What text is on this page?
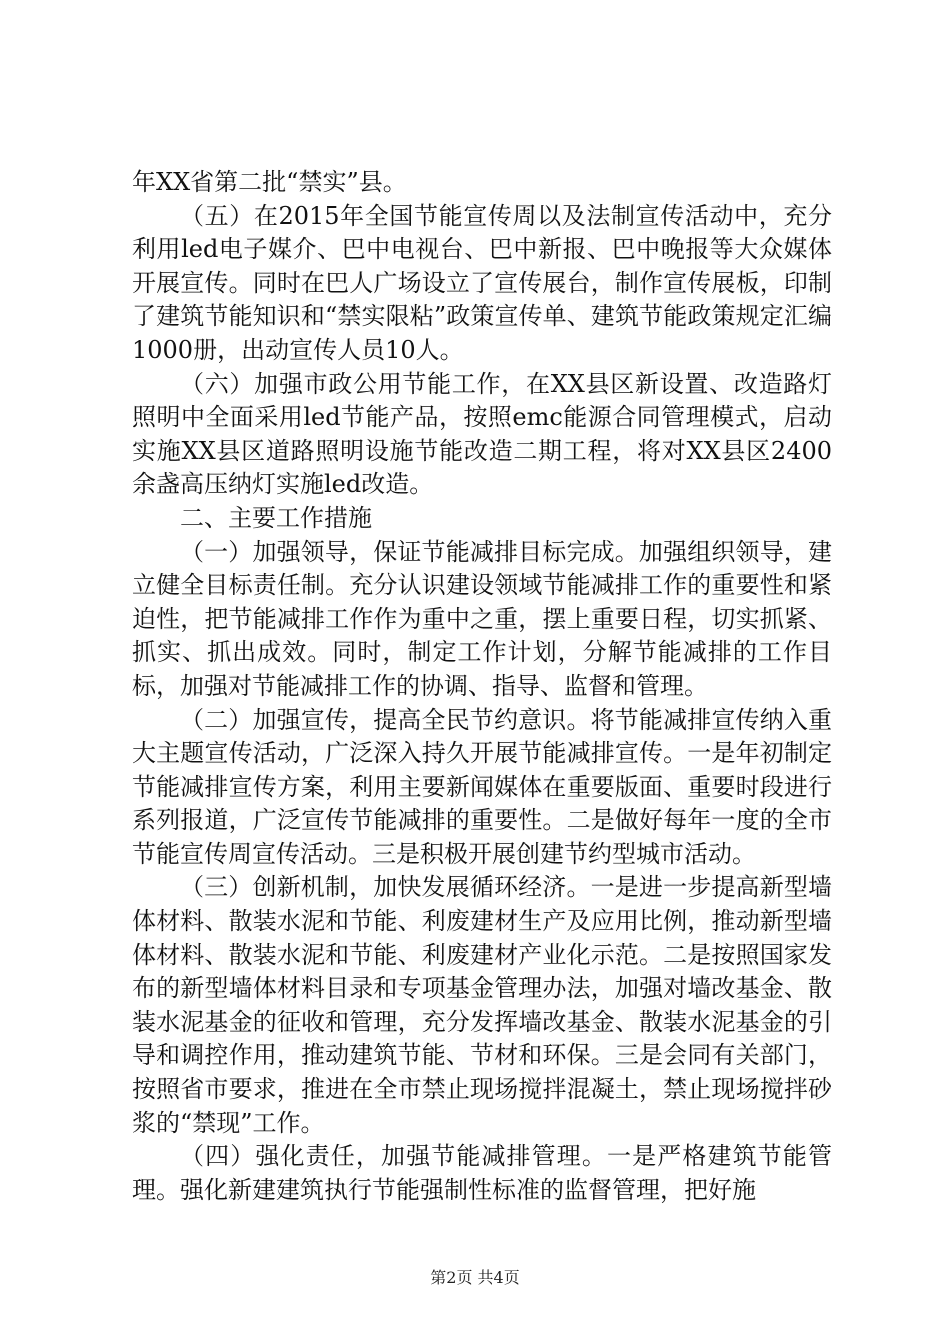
年XX省第二批“禁实”县。

（五）在2015年全国节能宣传周以及法制宣传活动中，充分利用led电子媒介、巴中电视台、巴中新报、巴中晚报等大众媒体开展宣传。同时在巴人广场设立了宣传展台，制作宣传展板，印制了建筑节能知识和“禁实限粘”政策宣传单、建筑节能政策规定汇编1000册，出动宣传人员10人。

（六）加强市政公用节能工作，在XX县区新设置、改造路灯照明中全面采用led节能产品，按照emc能源合同管理模式，启动实施XX县区道路照明设施节能改造二期工程，将对XX县区2400余盏高压纳灯实施led改造。

二、主要工作措施

（一）加强领导，保证节能减排目标完成。加强组织领导，建立健全目标责任制。充分认识建设领域节能减排工作的重要性和紧迫性，把节能减排工作作为重中之重，摆上重要日程，切实抓紧、抓实、抓出成效。同时，制定工作计划，分解节能减排的工作目标，加强对节能减排工作的协调、指导、监督和管理。

（二）加强宣传，提高全民节约意识。将节能减排宣传纳入重大主题宣传活动，广泛深入持久开展节能减排宣传。一是年初制定节能减排宣传方案，利用主要新闻媒体在重要版面、重要时段进行系列报道，广泛宣传节能减排的重要性。二是做好每年一度的全市节能宣传周宣传活动。三是积极开展创建节约型城市活动。

（三）创新机制，加快发展循环经济。一是进一步提高新型墙体材料、散装水泥和节能、利废建材生产及应用比例，推动新型墙体材料、散装水泥和节能、利废建材产业化示范。二是按照国家发布的新型墙体材料目录和专项基金管理办法，加强对墙改基金、散装水泥基金的征收和管理，充分发挥墙改基金、散装水泥基金的引导和调控作用，推动建筑节能、节材和环保。三是会同有关部门，按照省市要求，推进在全市禁止现场搅拌混凝土，禁止现场搅拌砂浆的“禁现”工作。

（四）强化责任，加强节能减排管理。一是严格建筑节能管理。强化新建建筑执行节能强制性标准的监督管理，把好施

第2页 共4页
